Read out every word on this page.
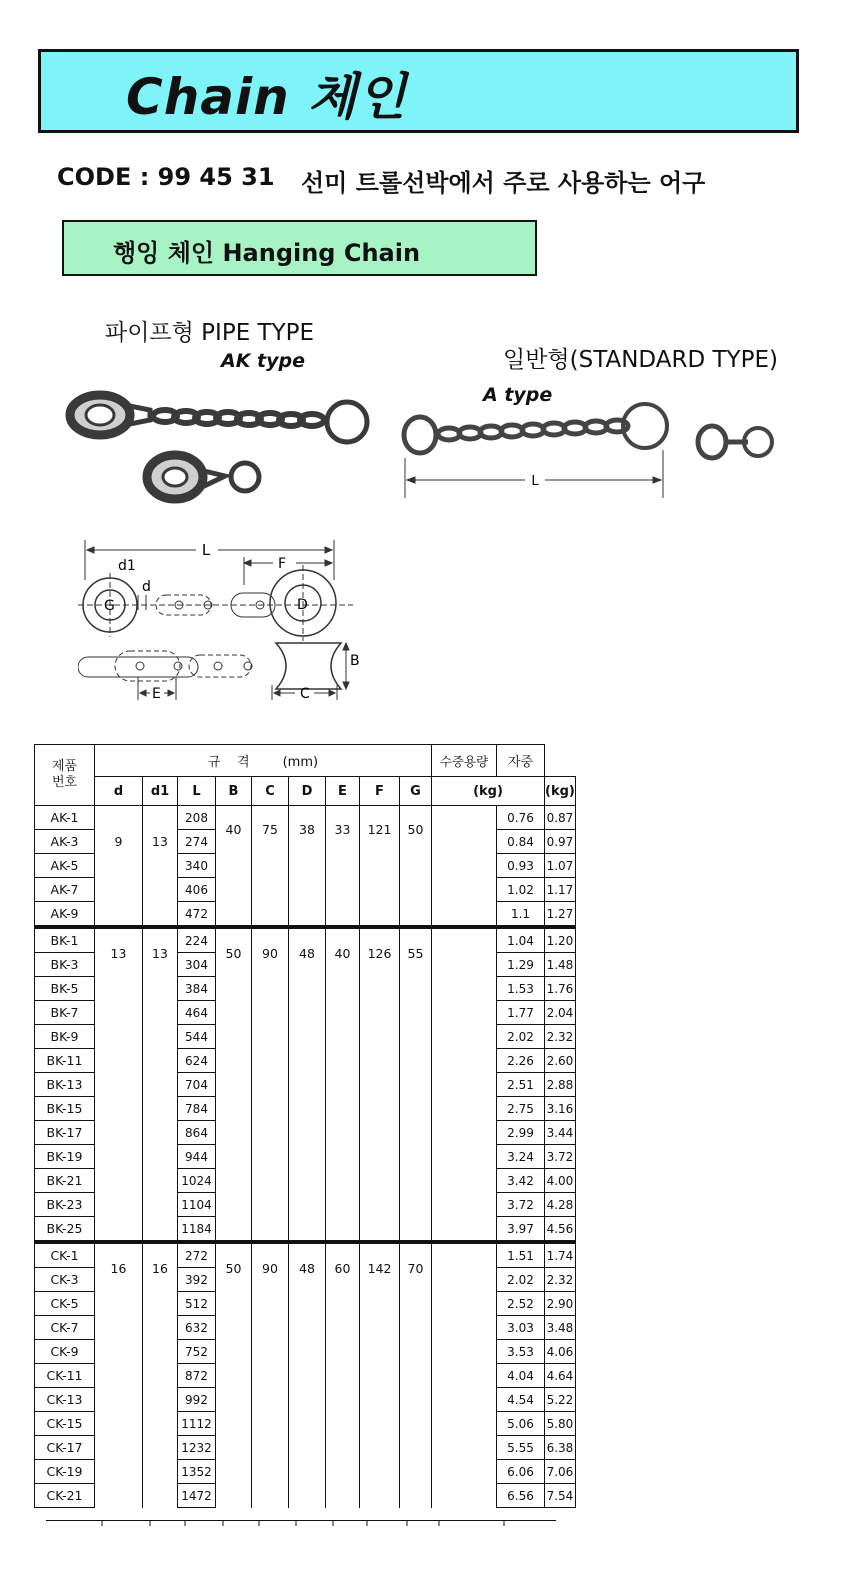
Chain 체인
CODE : 99 45 31 선미 트롤선박에서 주로 사용하는 어구
행잉 체인 Hanging Chain
파이프형 PIPE TYPE
AK type	일반형(STANDARD TYPE)
A type
L
L
d1
d
G
F
D
B
E	C
제품
번호	규    격        (mm)									수중용량	자중	
	d	d1	L	B	C	D	E	F	G	(kg)		(kg)
AK-1	9	13	208	40	75	38	33	121	50		0.76	0.87
AK-3			274								0.84	0.97
AK-5			340								0.93	1.07
AK-7			406								1.02	1.17
AK-9			472								1.1	1.27
BK-1	13	13	224	50	90	48	40	126	55		1.04	1.20
BK-3			304								1.29	1.48
BK-5			384								1.53	1.76
BK-7			464								1.77	2.04
BK-9			544								2.02	2.32
BK-11			624								2.26	2.60
BK-13			704								2.51	2.88
BK-15			784								2.75	3.16
BK-17			864								2.99	3.44
BK-19			944								3.24	3.72
BK-21			1024								3.42	4.00
BK-23			1104								3.72	4.28
BK-25			1184								3.97	4.56
CK-1	16	16	272	50	90	48	60	142	70		1.51	1.74
CK-3			392								2.02	2.32
CK-5			512								2.52	2.90
CK-7			632								3.03	3.48
CK-9			752								3.53	4.06
CK-11			872								4.04	4.64
CK-13			992								4.54	5.22
CK-15			1112								5.06	5.80
CK-17			1232								5.55	6.38
CK-19			1352								6.06	7.06
CK-21			1472								6.56	7.54
